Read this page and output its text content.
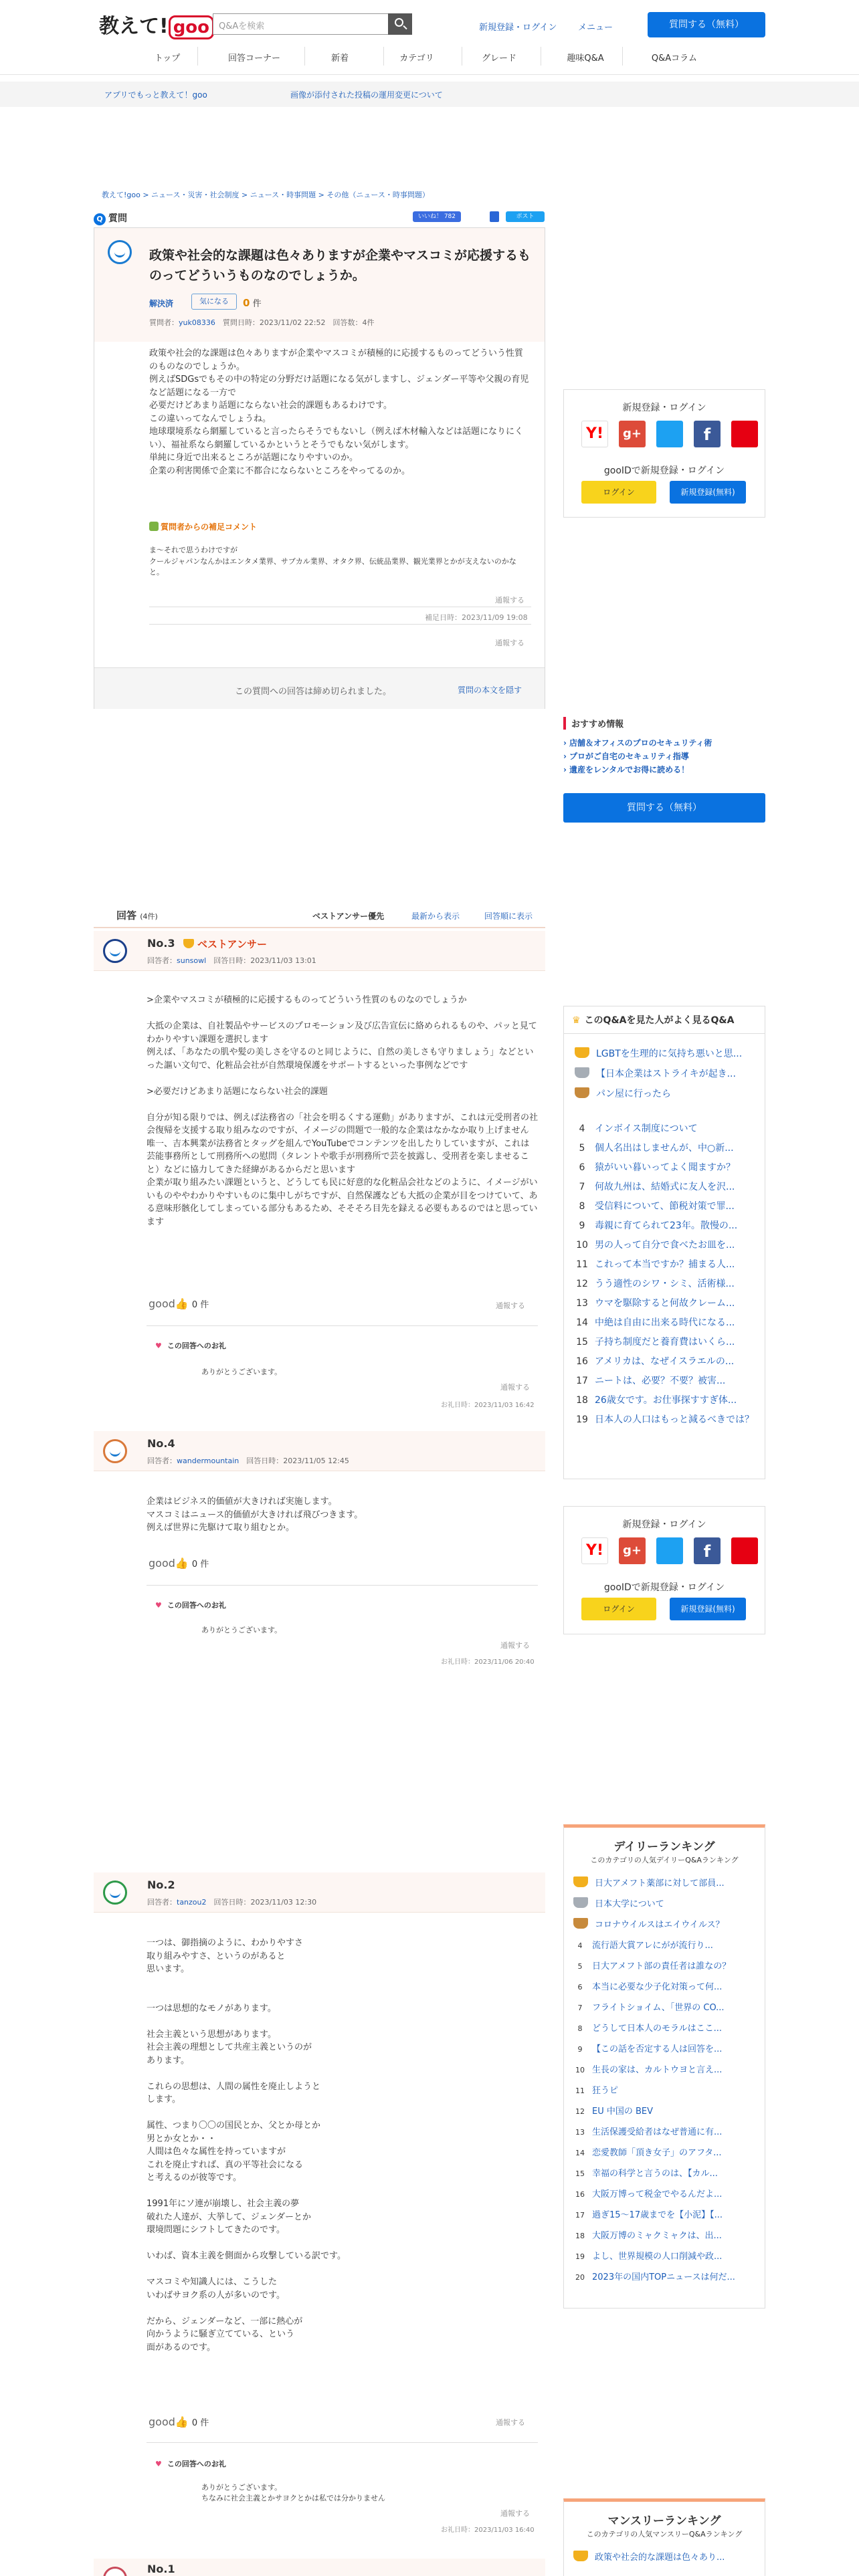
教えて! goo	Q&Aを検索	新規登録・ログイン メニュー	質問する（無料）
トップ	回答コーナー	新着	カテゴリ	グレード	趣味Q&A	Q&Aコラム
アプリでもっと教えて！goo	画像が添付された投稿の運用変更について
教えて!goo > ニュース・災害・社会制度 > ニュース・時事問題 > その他（ニュース・時事問題）
Q 質問	いいね！ 782	ポスト
政策や社会的な課題は色々ありますが企業やマスコミが応援するものってどういうものなのでしょうか。
解決済	気になる	0 件
質問者：yuk08336　 質問日時：2023/11/02 22:52　回答数：4件
政策や社会的な課題は色々ありますが企業やマスコミが積極的に応援するものってどういう性質のものなのでしょうか。
例えばSDGsでもその中の特定の分野だけ話題になる気がしますし、ジェンダー平等や父親の育児など話題になる一方で
必要だけどあまり話題にならない社会的課題もあるわけです。
この違いってなんでしょうね。
地球環境系なら網羅していると言ったらそうでもないし（例えば木材輸入などは話題になりにくい）、福祉系なら網羅しているかというとそうでもない気がします。
単純に身近で出来るところが話題になりやすいのか。
企業の利害関係で企業に不都合にならないところをやってるのか。
質問者からの補足コメント
ま～それで思うわけですが
クールジャパンなんかはエンタメ業界、サブカル業界、オタク界、伝統品業界、観光業界とかが支えないのかなと。
通報する
補足日時：2023/11/09 19:08
通報する
この質問への回答は締め切られました。	質問の本文を隠す
回答 (4件)	ベストアンサー優先	最新から表示	回答順に表示
No.3	ベストアンサー
回答者：sunsowl　 回答日時：2023/11/03 13:01
>企業やマスコミが積極的に応援するものってどういう性質のものなのでしょうか

大抵の企業は、自社製品やサービスのプロモーション及び広告宣伝に絡められるものや、パッと見てわかりやすい課題を選択します
例えば、「あなたの肌や髪の美しさを守るのと同じように、自然の美しさも守りましょう」などといった謳い文句で、化粧品会社が自然環境保護をサポートするといった事例などです

>必要だけどあまり話題にならない社会的課題

自分が知る限りでは、例えば法務省の「社会を明るくする運動」がありますが、これは元受刑者の社会復帰を支援する取り組みなのですが、イメージの問題で一般的な企業はなかなか取り上げません
唯一、吉本興業が法務省とタッグを組んでYouTubeでコンテンツを出したりしていますが、これは芸能事務所として刑務所への慰問（タレントや歌手が刑務所で芸を披露し、受刑者を楽しませること）などに協力してきた経緯があるからだと思います
企業が取り組みたい課題というと、どうしても民に好意的な化粧品会社などのように、イメージがいいものややわかりやすいものに集中しがちですが、自然保護なども大抵の企業が目をつけていて、ある意味形骸化してしまっている部分もあるため、そそそろ目先を録える必要もあるのではと思っています
good👍 0 件	通報する
♥ この回答へのお礼
ありがとうございます。
通報する
お礼日時：2023/11/03 16:42
No.4
回答者：wandermountain　 回答日時：2023/11/05 12:45
企業はビジネス的価値が大きければ実施します。
マスコミはニュース的価値が大きければ飛びつきます。
例えば世界に先駆けて取り組むとか。
good👍 0 件
♥ この回答へのお礼
ありがとうございます。
通報する
お礼日時：2023/11/06 20:40
No.2
回答者：tanzou2　 回答日時：2023/11/03 12:30
一つは、御指摘のように、わかりやすさ
取り組みやすさ、というのがあると
思います。

一つは思想的なモノがあります。

社会主義という思想があります。
社会主義の理想として共産主義というのが
あります。

これらの思想は、人間の属性を廃止しようと
します。

属性、つまり〇〇の国民とか、父とか母とか
男とか女とか・・
人間は色々な属性を持っていますが
これを廃止すれば、真の平等社会になる
と考えるのが彼等です。

1991年にソ連が崩壊し、社会主義の夢
破れた人達が、大挙して、ジェンダーとか
環境問題にシフトしてきたのです。

いわば、資本主義を側面から攻撃している訳です。

マスコミや知識人には、こうした
いわばサヨク系の人が多いのです。

だから、ジェンダーなど、一部に熱心が
向かうように騒ぎ立てている、という
面があるのです。
good👍 0 件	通報する
♥ この回答へのお礼
ありがとうございます。
ちなみに社会主義とかサヨクとかは私では分かりません
通報する
お礼日時：2023/11/03 16:40
No.1
新規登録・ログイン
Y!	g+	f
gooIDで新規登録・ログイン
ログイン	新規登録(無料)
おすすめ情報
› 店舗＆オフィスのプロのセキュリティ術
› プロがご自宅のセキュリティ指導
› 遺産をレンタルでお得に読める！
質問する（無料）
♛ このQ&Aを見た人がよく見るQ&A
LGBTを生理的に気持ち悪いと思...
【日本企業はストライキが起き...
パン屋に行ったら
4 インボイス制度について
5 個人名出はしませんが、中○新...
6 猿がいい暮いってよく聞ますか？
7 何故九州は、結婚式に友人を沢...
8 受信料について、節税対策で罪...
9 毒親に育てられて23年。散慢の...
10 男の人って自分で食べたお皿を...
11 これって本当ですか？捕まる人...
12 うう適性のシワ・シミ、活術様...
13 ウマを駆除すると何故クレーム...
14 中絶は自由に出来る時代になる...
15 子持ち制度だと養育費はいくら...
16 アメリカは、なぜイスラエルの...
17 ニートは、必要？不要？被害...
18 26歳女です。お仕事探すすぎ体...
19 日本人の人口はもっと減るべきでは？
新規登録・ログイン
Y!	g+	f
gooIDで新規登録・ログイン
ログイン	新規登録(無料)
デイリーランキング
このカテゴリの人気デイリーQ&Aランキング
日大アメフト薬部に対して部員...
日本大学について
コロナウイルスはエイウイルス？
4 流行語大賞アレにがが流行り...
5 日大アメフト部の責任者は誰なの？
6 本当に必要な少子化対策って何...
7 フライトショイム、「世界の CO...
8 どうして日本人のモラルはここ...
9 【この話を否定する人は回答を...
10 生長の家は、カルトウヨと言え...
11 狂うピ
12 EU 中国の BEV
13 生活保護受給者はなぜ普通に有...
14 恋愛教師「頂き女子」のアフタ...
15 幸福の科学と言うのは、【カル...
16 大阪万博って税金でやるんだよ...
17 過ぎ15〜17歳までを【小泥】【...
18 大阪万博のミャクミャクは、出...
19 よし、世界規模の人口削減や政...
20 2023年の国内TOPニュースは何だ...
マンスリーランキング
このカテゴリの人気マンスリーQ&Aランキング
政策や社会的な課題は色々あり...
